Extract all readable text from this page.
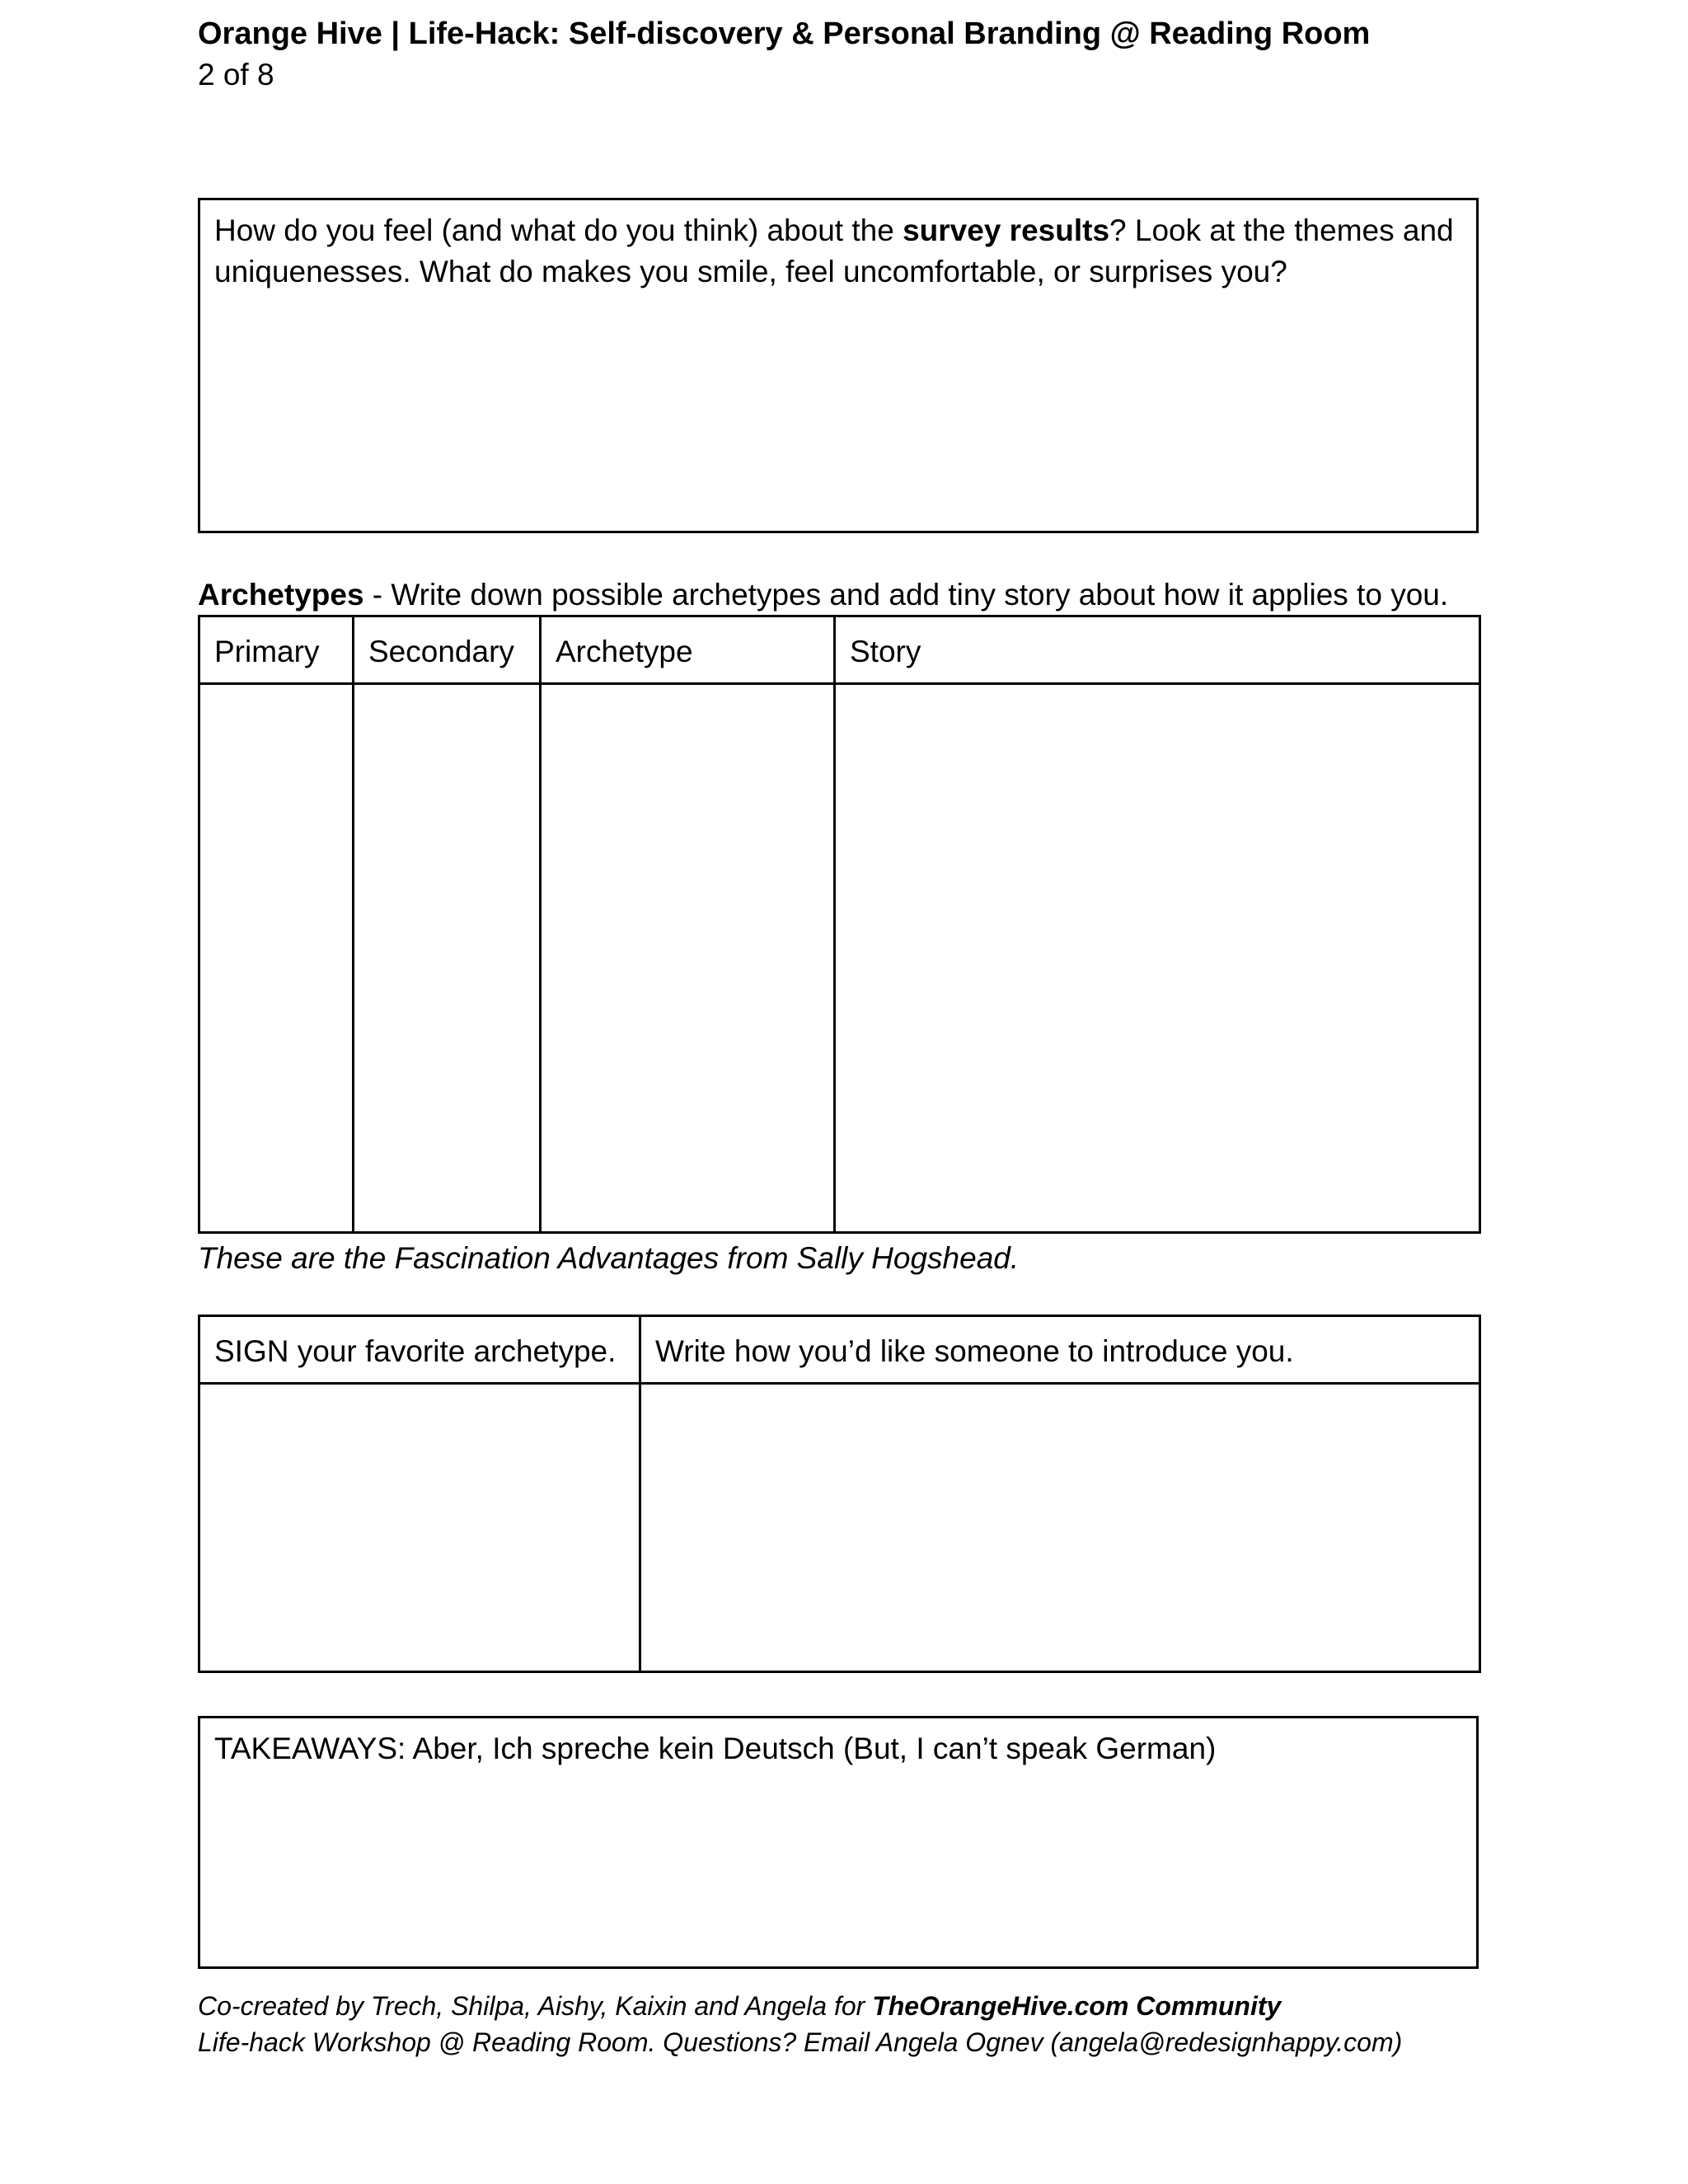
Orange Hive | Life-Hack: Self-discovery & Personal Branding @ Reading Room
2 of 8
How do you feel (and what do you think) about the survey results? Look at the themes and uniquenesses. What do makes you smile, feel uncomfortable, or surprises you?
Archetypes - Write down possible archetypes and add tiny story about how it applies to you.
Primary	Secondary	Archetype	Story

These are the Fascination Advantages from Sally Hogshead.
SIGN your favorite archetype.	Write how you’d like someone to introduce you.

TAKEAWAYS: Aber, Ich spreche kein Deutsch (But, I can’t speak German)
Co-created by Trech, Shilpa, Aishy, Kaixin and Angela for TheOrangeHive.com Community
Life-hack Workshop @ Reading Room. Questions? Email Angela Ognev (angela@redesignhappy.com)
